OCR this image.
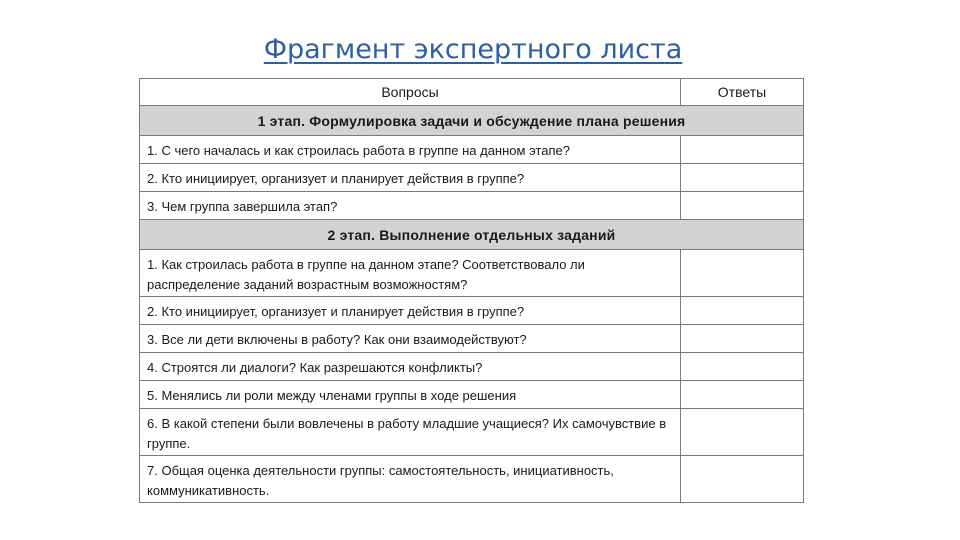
Фрагмент экспертного листа
Вопросы	Ответы
1 этап. Формулировка задачи и обсуждение плана решения	
1. С чего началась и как строилась работа в группе на данном этапе?	
2. Кто инициирует, организует и планирует действия в группе?	
3. Чем группа завершила этап?	
2 этап. Выполнение отдельных заданий	
1. Как строилась работа в группе на данном этапе? Соответствовало ли распределение заданий возрастным возможностям?	
2. Кто инициирует, организует и планирует действия в группе?	
3. Все ли дети включены в работу? Как они взаимодействуют?	
4. Строятся ли диалоги? Как разрешаются конфликты?	
5. Менялись ли роли между членами группы в ходе решения	
6. В какой степени были вовлечены в работу младшие учащиеся? Их самочувствие в группе.	
7. Общая оценка деятельности группы: самостоятельность, инициативность, коммуникативность.	
